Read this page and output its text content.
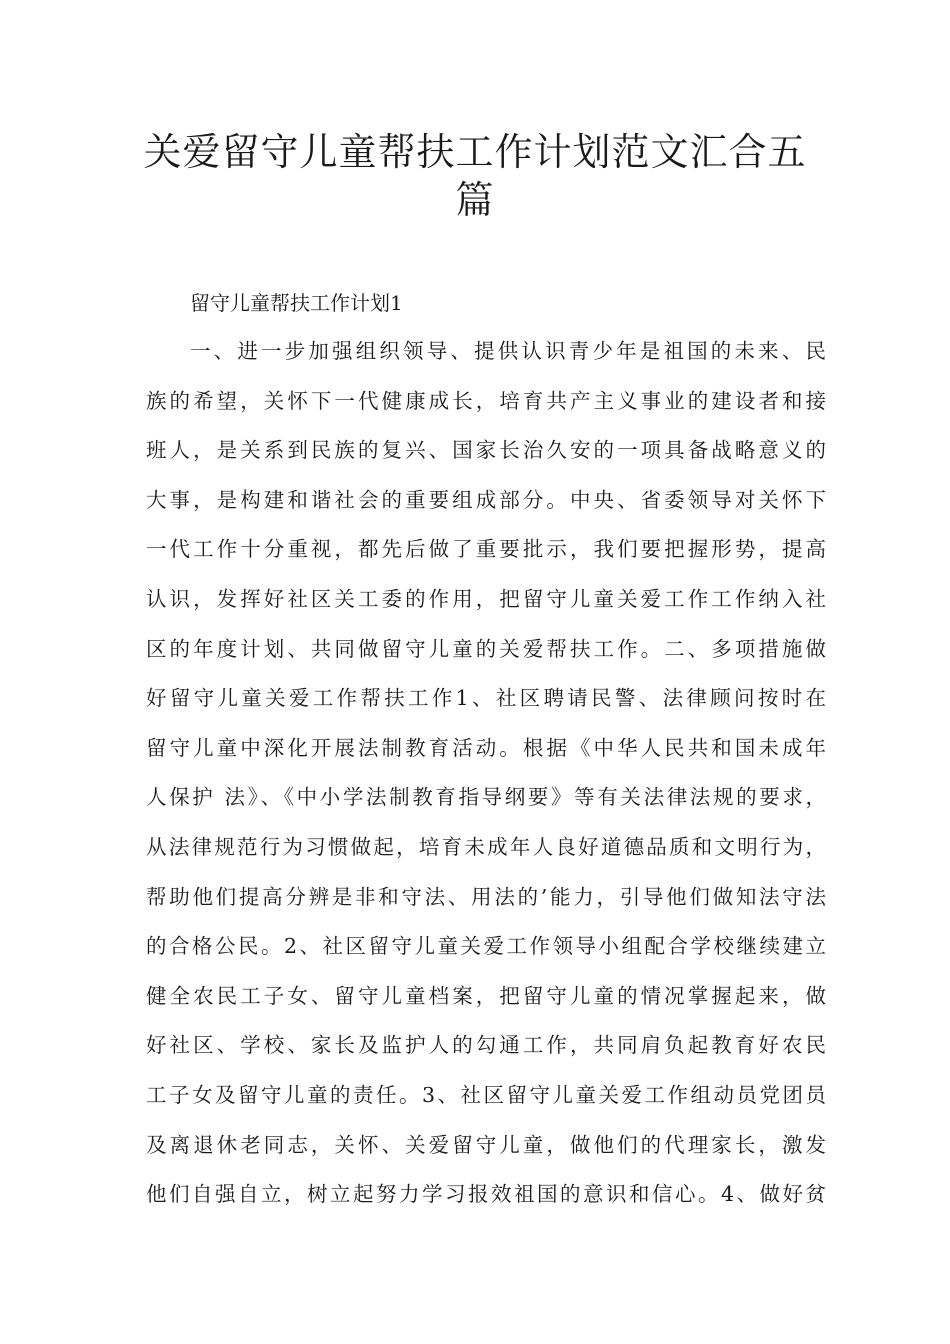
关爱留守儿童帮扶工作计划范文汇合五
篇

留守儿童帮扶工作计划1

一、进一步加强组织领导、提供认识青少年是祖国的未来、民
族的希望，关怀下一代健康成长，培育共产主义事业的建设者和接
班人，是关系到民族的复兴、国家长治久安的一项具备战略意义的
大事，是构建和谐社会的重要组成部分。中央、省委领导对关怀下
一代工作十分重视，都先后做了重要批示，我们要把握形势，提高
认识，发挥好社区关工委的作用，把留守儿童关爱工作工作纳入社
区的年度计划、共同做留守儿童的关爱帮扶工作。二、多项措施做
好留守儿童关爱工作帮扶工作1、社区聘请民警、法律顾问按时在
留守儿童中深化开展法制教育活动。根据《中华人民共和国未成年
人保护 法》、《中小学法制教育指导纲要》等有关法律法规的要求，
从法律规范行为习惯做起，培育未成年人良好道德品质和文明行为，
帮助他们提高分辨是非和守法、用法的’能力，引导他们做知法守法
的合格公民。2、社区留守儿童关爱工作领导小组配合学校继续建立
健全农民工子女、留守儿童档案，把留守儿童的情况掌握起来，做
好社区、学校、家长及监护人的勾通工作，共同肩负起教育好农民
工子女及留守儿童的责任。3、社区留守儿童关爱工作组动员党团员
及离退休老同志，关怀、关爱留守儿童，做他们的代理家长，激发
他们自强自立，树立起努力学习报效祖国的意识和信心。4、做好贫
